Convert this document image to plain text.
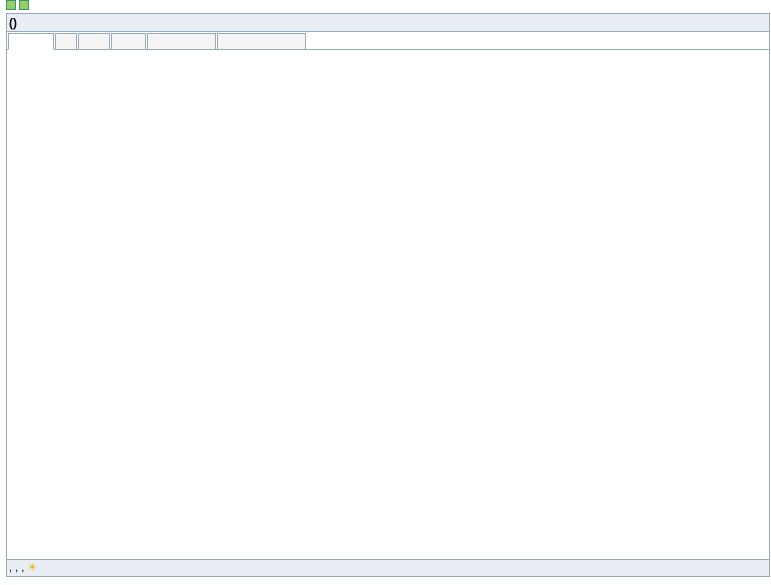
()
, , , ☀
